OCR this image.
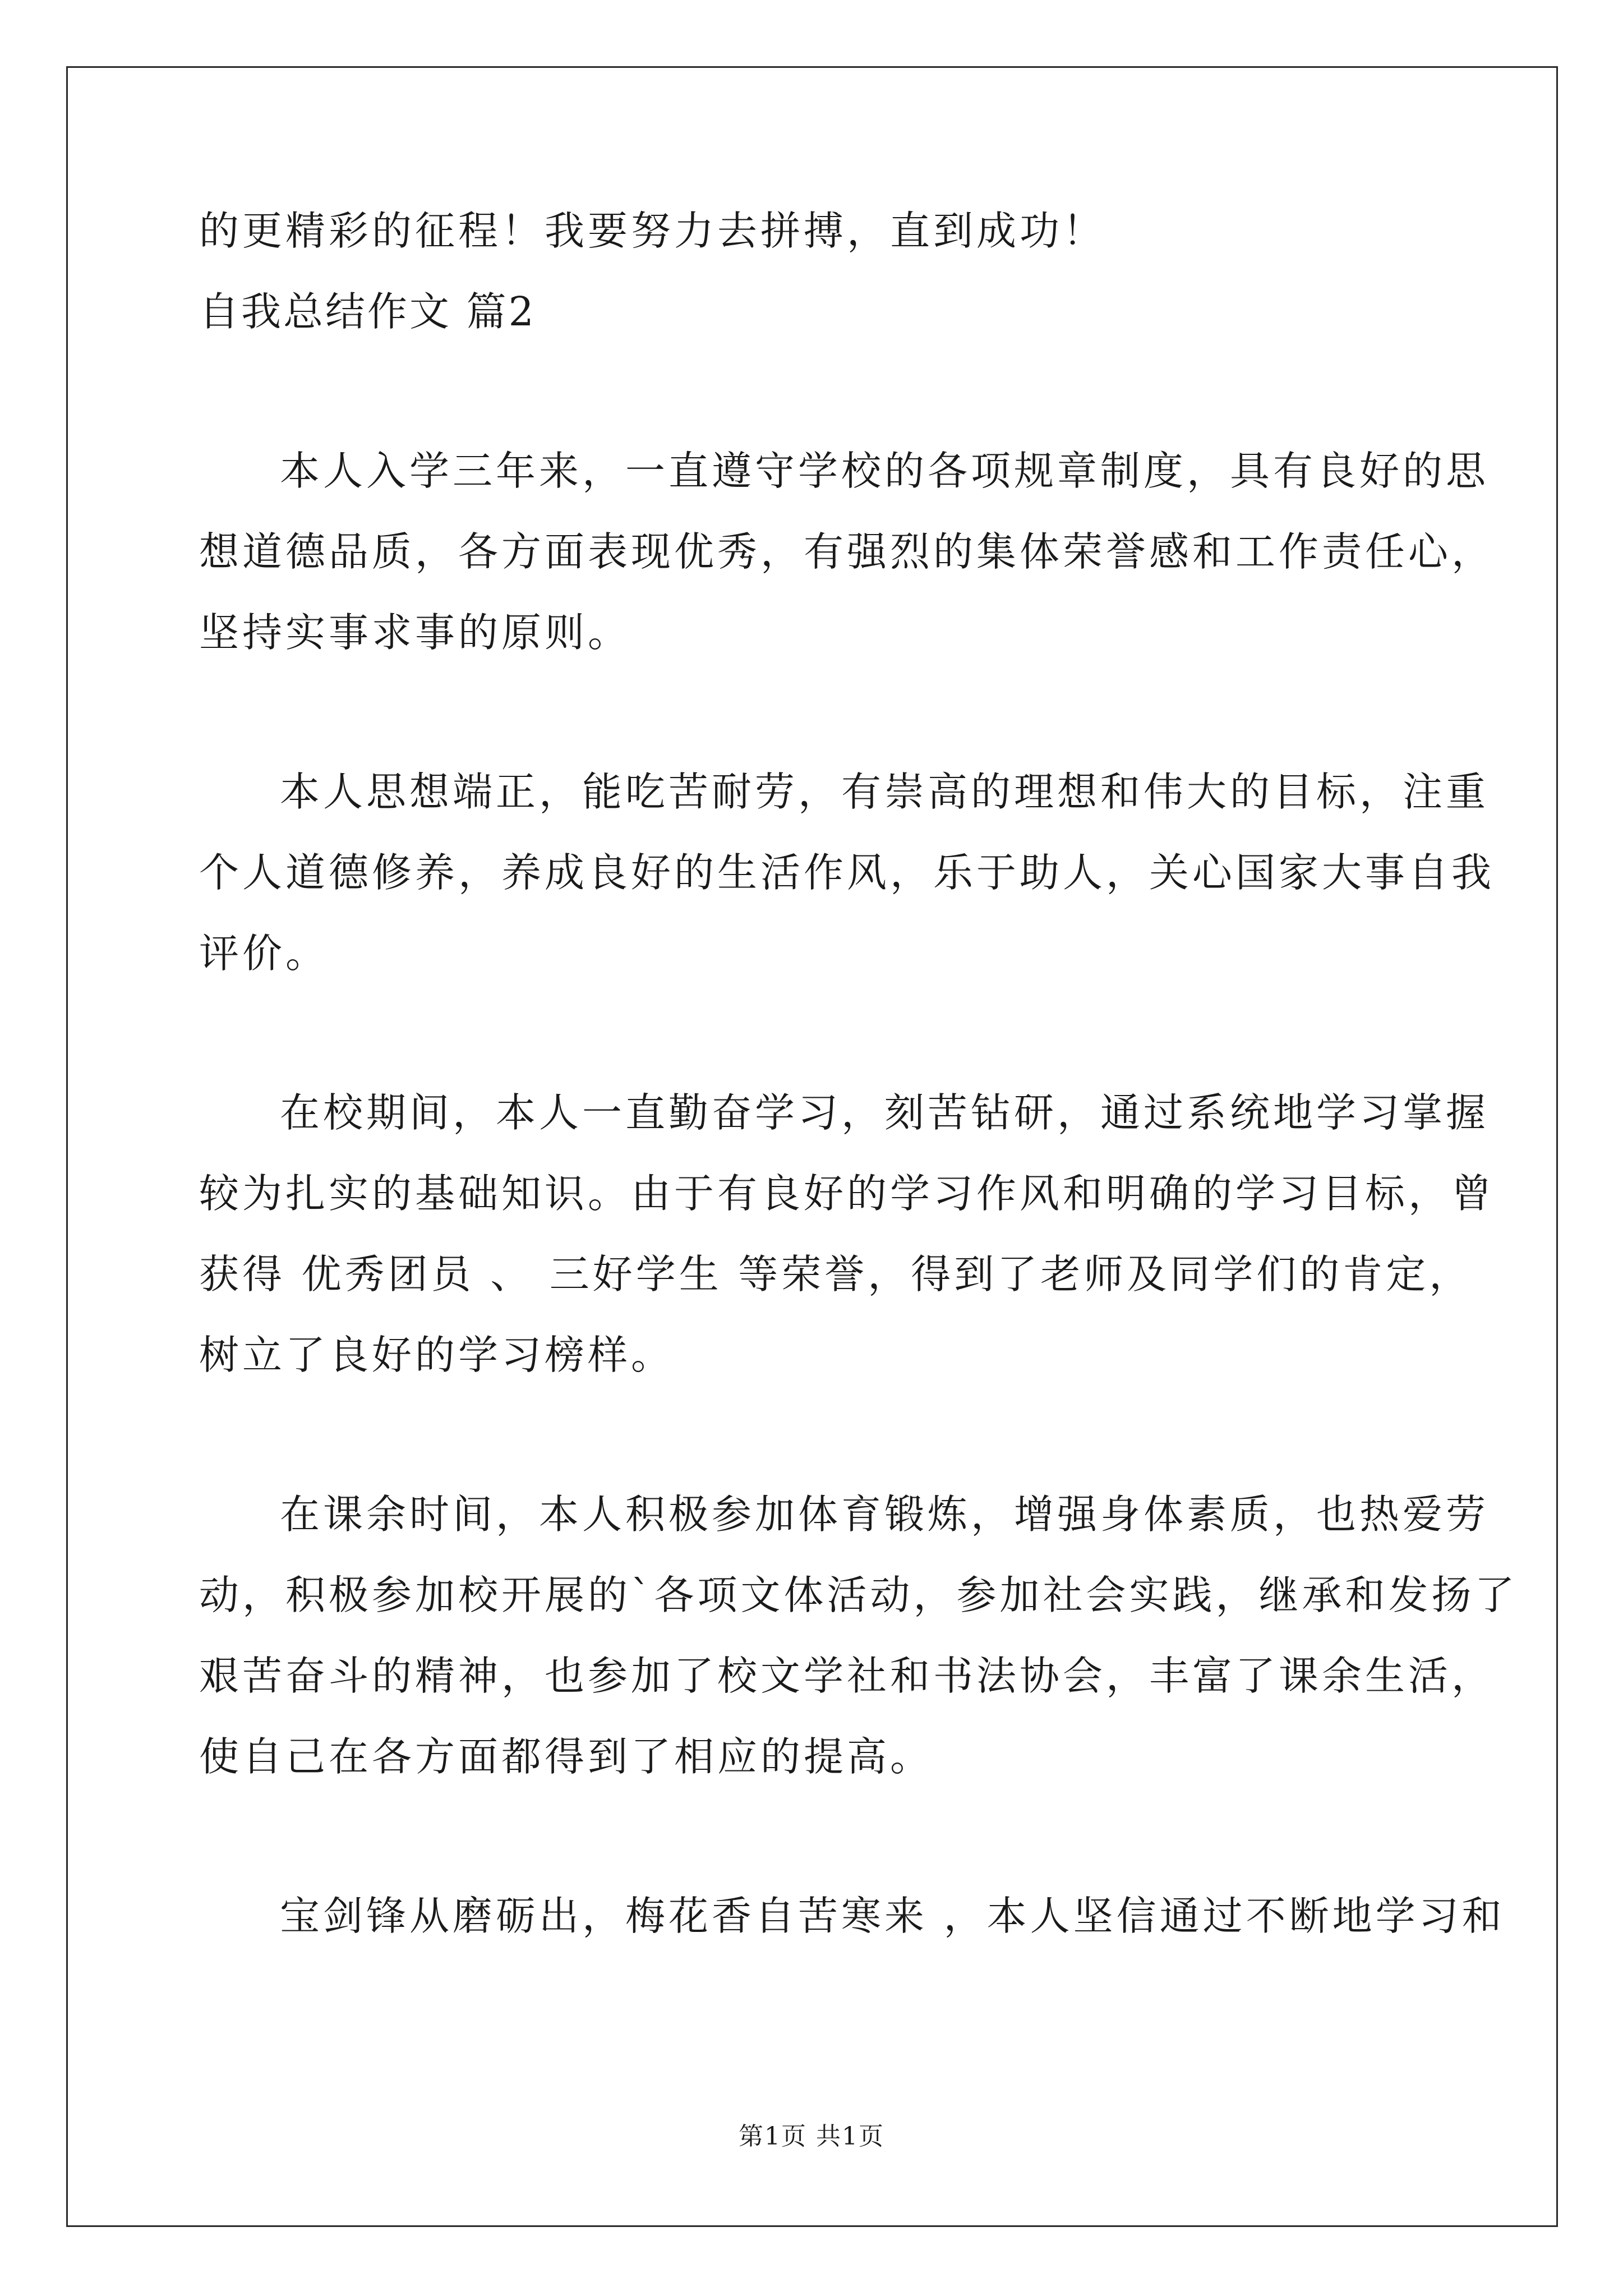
的更精彩的征程！我要努力去拼搏，直到成功！
自我总结作文 篇2
本人入学三年来，一直遵守学校的各项规章制度，具有良好的思
想道德品质，各方面表现优秀，有强烈的集体荣誉感和工作责任心，
坚持实事求事的原则。
本人思想端正，能吃苦耐劳，有崇高的理想和伟大的目标，注重
个人道德修养，养成良好的生活作风，乐于助人，关心国家大事自我
评价。
在校期间，本人一直勤奋学习，刻苦钻研，通过系统地学习掌握
较为扎实的基础知识。由于有良好的学习作风和明确的学习目标，曾
获得 优秀团员 、 三好学生 等荣誉，得到了老师及同学们的肯定，
树立了良好的学习榜样。
在课余时间，本人积极参加体育锻炼，增强身体素质，也热爱劳
动，积极参加校开展的`各项文体活动，参加社会实践，继承和发扬了
艰苦奋斗的精神，也参加了校文学社和书法协会，丰富了课余生活，
使自己在各方面都得到了相应的提高。
宝剑锋从磨砺出，梅花香自苦寒来 ，本人坚信通过不断地学习和
第1页 共1页
